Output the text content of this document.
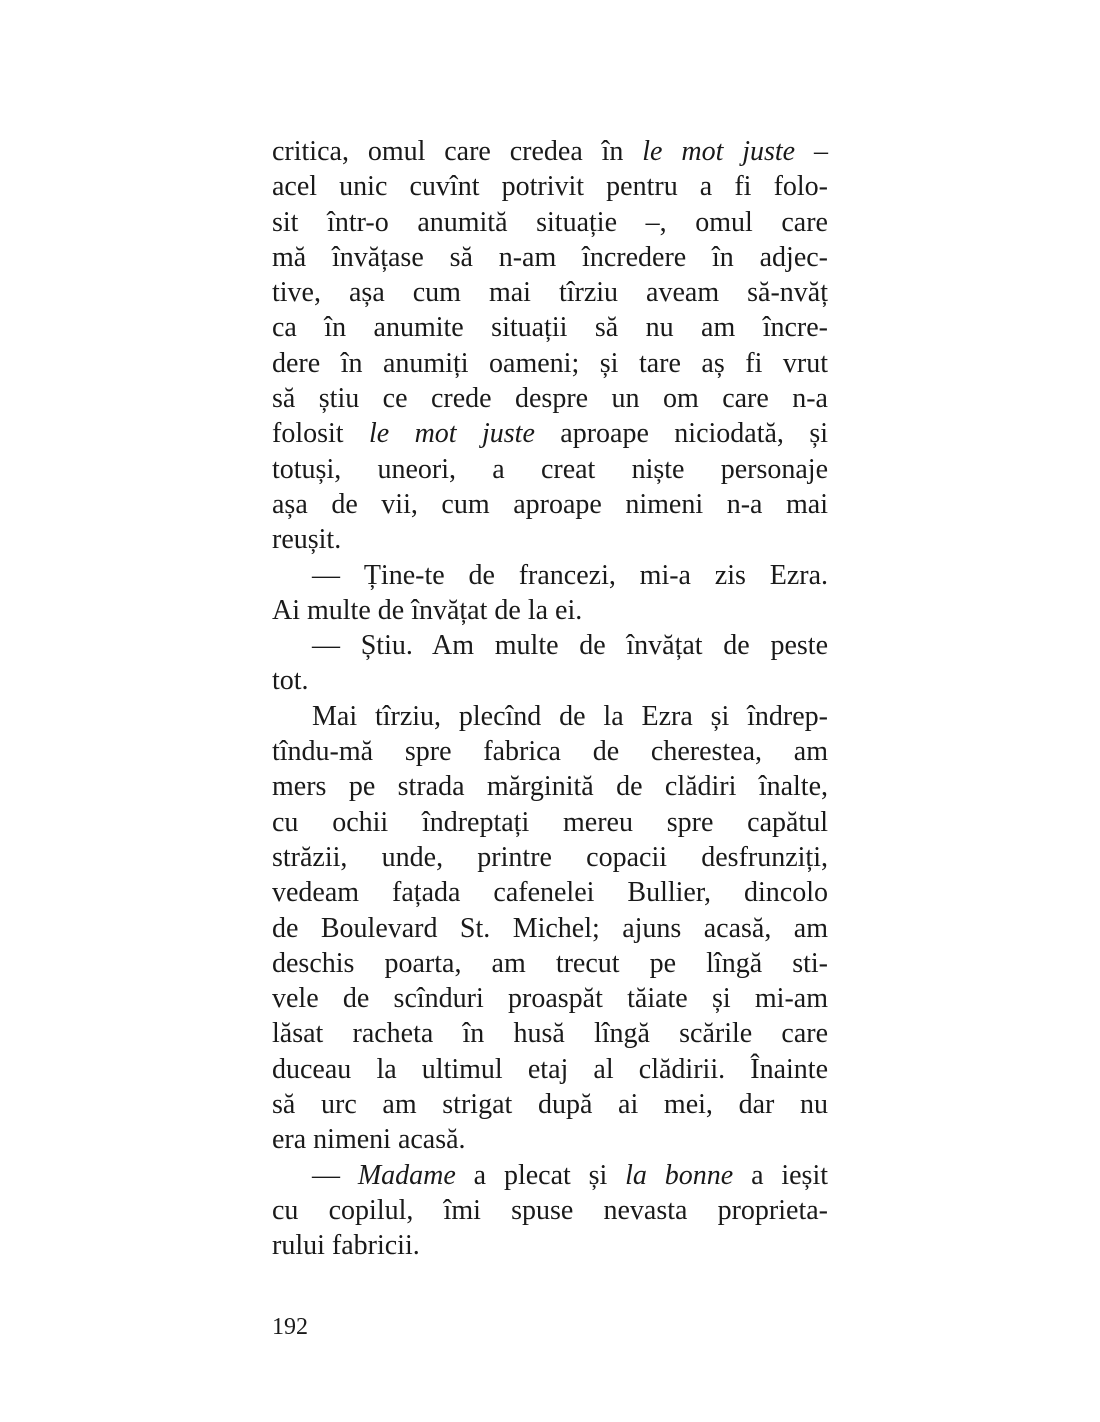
critica, omul care credea în le mot juste –
acel unic cuvînt potrivit pentru a fi folo-
sit într-o anumită situație –, omul care
mă învățase să n-am încredere în adjec-
tive, așa cum mai tîrziu aveam să-nvăț
ca în anumite situații să nu am încre-
dere în anumiți oameni; și tare aș fi vrut
să știu ce crede despre un om care n-a
folosit le mot juste aproape niciodată, și
totuși, uneori, a creat niște personaje
așa de vii, cum aproape nimeni n-a mai
reușit.
— Ține-te de francezi, mi-a zis Ezra.
Ai multe de învățat de la ei.
— Știu. Am multe de învățat de peste
tot.
Mai tîrziu, plecînd de la Ezra și îndrep-
tîndu-mă spre fabrica de cherestea, am
mers pe strada mărginită de clădiri înalte,
cu ochii îndreptați mereu spre capătul
străzii, unde, printre copacii desfrunziți,
vedeam fațada cafenelei Bullier, dincolo
de Boulevard St. Michel; ajuns acasă, am
deschis poarta, am trecut pe lîngă sti-
vele de scînduri proaspăt tăiate și mi-am
lăsat racheta în husă lîngă scările care
duceau la ultimul etaj al clădirii. Înainte
să urc am strigat după ai mei, dar nu
era nimeni acasă.
— Madame a plecat și la bonne a ieșit
cu copilul, îmi spuse nevasta proprieta-
rului fabricii.
192
